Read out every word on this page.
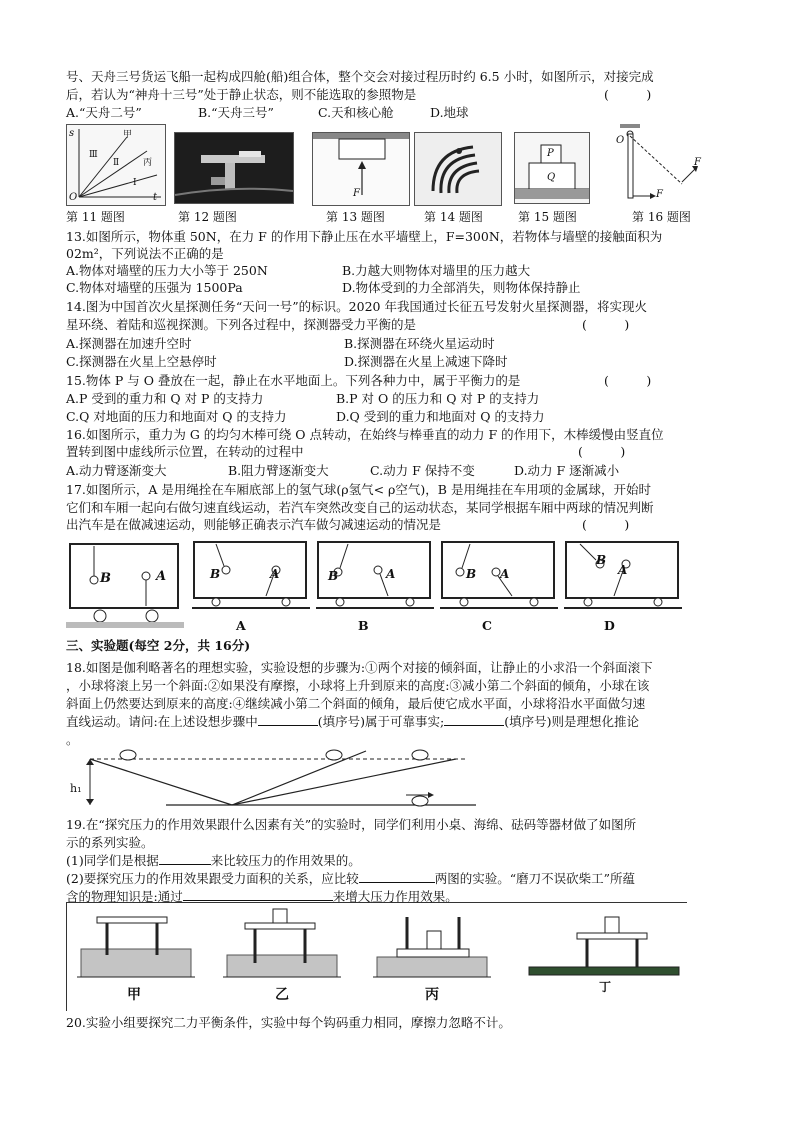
号、天舟三号货运飞船一起构成四舱(船)组合体，整个交会对接过程历时约 6.5 小时，如图所示，对接完成
后，若认为“神舟十三号”处于静止状态，则不能选取的参照物是	(　　　)
A.“天舟二号”	B.“天舟三号”	C.天和核心舱	D.地球
s
O	t
甲
丙
Ⅲ
Ⅱ
Ⅰ
F
P
Q
O
F
F
第 11 题图	第 12 题图	第 13 题图	第 14 题图	第 15 题图	第 16 题图
13.如图所示，物体重 50N，在力 F 的作用下静止压在水平墙壁上，F=300N，若物体与墙壁的接触面积为
02m²，下列说法不正确的是
A.物体对墙壁的压力大小等于 250N	B.力越大则物体对墙里的压力越大
C.物体对墙壁的压强为 1500Pa	D.物体受到的力全部消失，则物体保持静止
14.图为中国首次火星探测任务“天问一号”的标识。2020 年我国通过长征五号发射火星探测器，将实现火
星环绕、着陆和巡视探测。下列各过程中，探测器受力平衡的是	(　　　)
A.探测器在加速升空时	B.探测器在环绕火星运动时
C.探测器在火星上空悬停时	D.探测器在火星上减速下降时
15.物体 P 与 O 叠放在一起，静止在水平地面上。下列各种力中，属于平衡力的是	(　　　)
A.P 受到的重力和 Q 对 P 的支持力	B.P 对 O 的压力和 Q 对 P 的支持力
C.Q 对地面的压力和地面对 Q 的支持力	D.Q 受到的重力和地面对 Q 的支持力
16.如图所示，重力为 G 的均匀木棒可绕 O 点转动，在始终与棒垂直的动力 F 的作用下，木棒缓慢由竖直位
置转到图中虚线所示位置，在转动的过程中	(　　　)
A.动力臂逐渐变大	B.阻力臂逐渐变大	C.动力 F 保持不变	D.动力 F 逐渐减小
17.如图所示，A 是用绳拴在车厢底部上的氢气球(ρ氢气< ρ空气)，B 是用绳挂在车用项的金属球，开始时
它们和车厢一起向右做匀速直线运动，若汽车突然改变自己的运动状态，某同学根据车厢中两球的情况判断
出汽车是在做减速运动，则能够正确表示汽车做匀减速运动的情况是	(　　　)
B	A	B	A	B	A	B A
B
A
A	B	C	D
三、实验题(每空 2分，共 16分)
18.如图是伽利略著名的理想实验，实验设想的步骤为:①两个对接的倾斜面，让静止的小求沿一个斜面滚下
，小球将滚上另一个斜面:②如果没有摩擦，小球将上升到原来的高度:③减小第二个斜面的倾角，小球在该
斜面上仍然要达到原来的高度:④继续减小第二个斜面的倾角，最后使它成水平面，小球将沿水平面做匀速
直线运动。请问:在上述设想步骤中	(填序号)属于可靠事实;	(填序号)则是理想化推论
。
h₁
19.在“探究压力的作用效果跟什么因素有关”的实验时，同学们利用小桌、海绵、砝码等器材做了如图所
示的系列实验。
(1)同学们是根据	来比较压力的作用效果的。
(2)要探究压力的作用效果跟受力面积的关系，应比较	两图的实验。“磨刀不误砍柴工”所蕴
含的物理知识是:通过	来增大压力作用效果。
甲	乙	丙	丁
20.实验小组要探究二力平衡条件，实验中每个钩码重力相同，摩擦力忽略不计。
